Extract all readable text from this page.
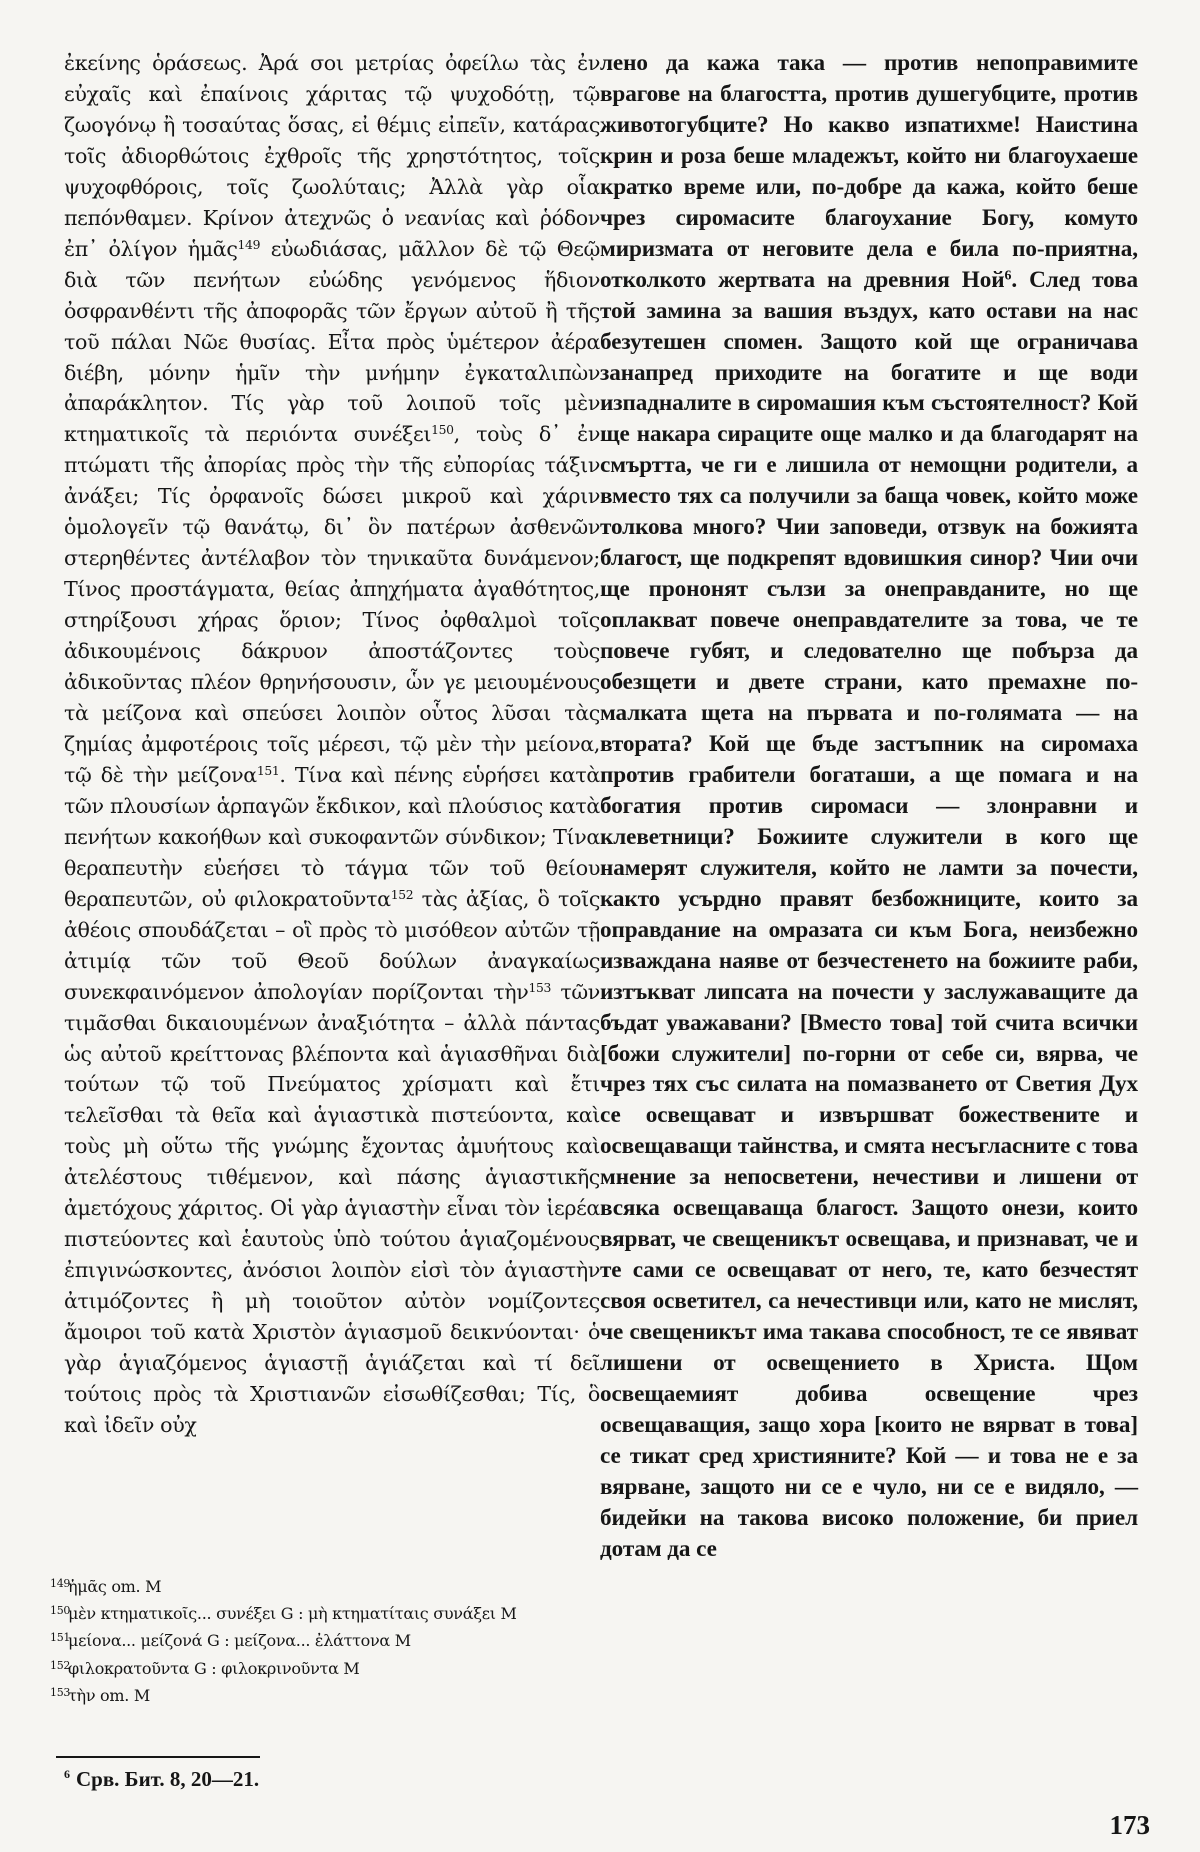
ἐκείνης ὁράσεως. Ἀρά σοι μετρίας ὀφείλω τὰς ἐν εὐχαῖς καὶ ἐπαίνοις χάριτας τῷ ψυχοδότῃ, τῷ ζωογόνῳ ἢ τοσαύτας ὅσας, εἰ θέμις εἰπεῖν, κατάρας τοῖς ἀδιορθώτοις ἐχθροῖς τῆς χρηστότητος, τοῖς ψυχοφθόροις, τοῖς ζωολύταις; Ἀλλὰ γὰρ οἷα πεπόνθαμεν. Κρίνον ἀτεχνῶς ὁ νεανίας καὶ ῥόδον ἐπ᾽ ὀλίγον ἡμᾶς$^{149}$ εὐωδιάσας, μᾶλλον δὲ τῷ Θεῷ διὰ τῶν πενήτων εὐώδης γενόμενος ἥδιον ὀσφρανθέντι τῆς ἀποφορᾶς τῶν ἔργων αὐτοῦ ἢ τῆς τοῦ πάλαι Νῶε θυσίας. Εἶτα πρὸς ὑμέτερον ἀέρα διέβη, μόνην ἡμῖν τὴν μνήμην ἐγκαταλιπὼν ἀπαράκλητον. Τίς γὰρ τοῦ λοιποῦ τοῖς μὲν κτηματικοῖς τὰ περιόντα συνέξει$^{150}$, τοὺς δ᾽ ἐν πτώματι τῆς ἀπορίας πρὸς τὴν τῆς εὐπορίας τάξιν ἀνάξει; Τίς ὀρφανοῖς δώσει μικροῦ καὶ χάριν ὁμολογεῖν τῷ θανάτῳ, δι᾽ ὃν πατέρων ἀσθενῶν στερηθέντες ἀντέλαβον τὸν τηνικαῦτα δυνάμενον; Τίνος προστάγματα, θείας ἀπηχήματα ἀγαθότητος, στηρίξουσι χήρας ὅριον; Τίνος ὀφθαλμοὶ τοῖς ἀδικουμένοις δάκρυον ἀποστάζοντες τοὺς ἀδικοῦντας πλέον θρηνήσουσιν, ὧν γε μειουμένους τὰ μείζονα καὶ σπεύσει λοιπὸν οὗτος λῦσαι τὰς ζημίας ἀμφοτέροις τοῖς μέρεσι, τῷ μὲν τὴν μείονα, τῷ δὲ τὴν μείζονα$^{151}$. Τίνα καὶ πένης εὑρήσει κατὰ τῶν πλουσίων ἁρπαγῶν ἔκδικον, καὶ πλούσιος κατὰ πενήτων κακοήθων καὶ συκοφαντῶν σύνδικον; Τίνα θεραπευτὴν εὐεήσει τὸ τάγμα τῶν τοῦ θείου θεραπευτῶν, οὐ φιλοκρατοῦντα$^{152}$ τὰς ἀξίας, ὃ τοῖς ἀθέοις σπουδάζεται – οἳ πρὸς τὸ μισόθεον αὐτῶν τῇ ἀτιμίᾳ τῶν τοῦ Θεοῦ δούλων ἀναγκαίως συνεκφαινόμενον ἀπολογίαν πορίζονται τὴν$^{153}$ τῶν τιμᾶσθαι δικαιουμένων ἀναξιότητα – ἀλλὰ πάντας ὡς αὐτοῦ κρείττονας βλέποντα καὶ ἁγιασθῆναι διὰ τούτων τῷ τοῦ Πνεύματος χρίσματι καὶ ἔτι τελεῖσθαι τὰ θεῖα καὶ ἁγιαστικὰ πιστεύοντα, καὶ τοὺς μὴ οὕτω τῆς γνώμης ἔχοντας ἀμυήτους καὶ ἀτελέστους τιθέμενον, καὶ πάσης ἁγιαστικῆς ἀμετόχους χάριτος. Οἱ γὰρ ἁγιαστὴν εἶναι τὸν ἱερέα πιστεύοντες καὶ ἑαυτοὺς ὑπὸ τούτου ἁγιαζομένους ἐπιγινώσκοντες, ἀνόσιοι λοιπὸν εἰσὶ τὸν ἁγιαστὴν ἀτιμόζοντες ἢ μὴ τοιοῦτον αὐτὸν νομίζοντες ἄμοιροι τοῦ κατὰ Χριστὸν ἁγιασμοῦ δεικνύονται· ὁ γὰρ ἁγιαζόμενος ἁγιαστῇ ἁγιάζεται καὶ τί δεῖ τούτοις πρὸς τὰ Χριστιανῶν εἰσωθίζεσθαι; Τίς, ὃ καὶ ἰδεῖν οὐχ

лено да кажа така — против непоправимите врагове на благостта, против душегубците, против животогубците? Но какво изпатихме! Наистина крин и роза беше младежът, който ни благоухаеше кратко време или, по-добре да кажа, който беше чрез сиромасите благоухание Богу, комуто миризмата от неговите дела е била по-приятна, отколкото жертвата на древния Ной$^6$. След това той замина за вашия въздух, като остави на нас безутешен спомен. Защото кой ще ограничава занапред приходите на богатите и ще води изпадналите в сиромашия към състоятелност? Кой ще накара сираците още малко и да благодарят на смъртта, че ги е лишила от немощни родители, а вместо тях са получили за баща човек, който може толкова много? Чии заповеди, отзвук на божията благост, ще подкрепят вдовишкия синор? Чии очи ще прононят сълзи за онеправданите, но ще оплакват повече онеправдателите за това, че те повече губят, и следователно ще побърза да обезщети и двете страни, като премахне по-малката щета на първата и по-голямата — на втората? Кой ще бъде застъпник на сиромаха против грабители богаташи, а ще помага и на богатия против сиромаси — злонравни и клеветници? Божиите служители в кого ще намерят служителя, който не ламти за почести, както усърдно правят безбожниците, които за оправдание на омразата си към Бога, неизбежно изваждана наяве от безчестенето на божиите раби, изтъкват липсата на почести у заслужаващите да бъдат уважавани? [Вместо това] той счита всички [божи служители] по-горни от себе си, вярва, че чрез тях със силата на помазването от Светия Дух се освещават и извършват божествените и освещаващи тайнства, и смята несъгласните с това мнение за непосветени, нечестиви и лишени от всяка освещаваща благост. Защото онези, които вярват, че свещеникът освещава, и признават, че и те сами се освещават от него, те, като безчестят своя осветител, са нечестивци или, като не мислят, че свещеникът има такава способност, те се явяват лишени от освещението в Христа. Щом освещаемият добива освещение чрез освещаващия, защо хора [които не вярват в това] се тикат сред християните? Кой — и това не е за вярване, защото ни се е чуло, ни се е видяло, — бидейки на такова високо положение, би приел дотам да се

149ἡμᾶς om. M
150μὲν κτηματικοῖς... συνέξει G : μὴ κτηματίταις συνάξει M
151μείονα... μείζονά G : μείζονα... ἐλάττονα M
152φιλοκρατοῦντα G : φιλοκρινοῦντα M
153τὴν om. M
$^6$ Срв. Бит. 8, 20—21.
173
